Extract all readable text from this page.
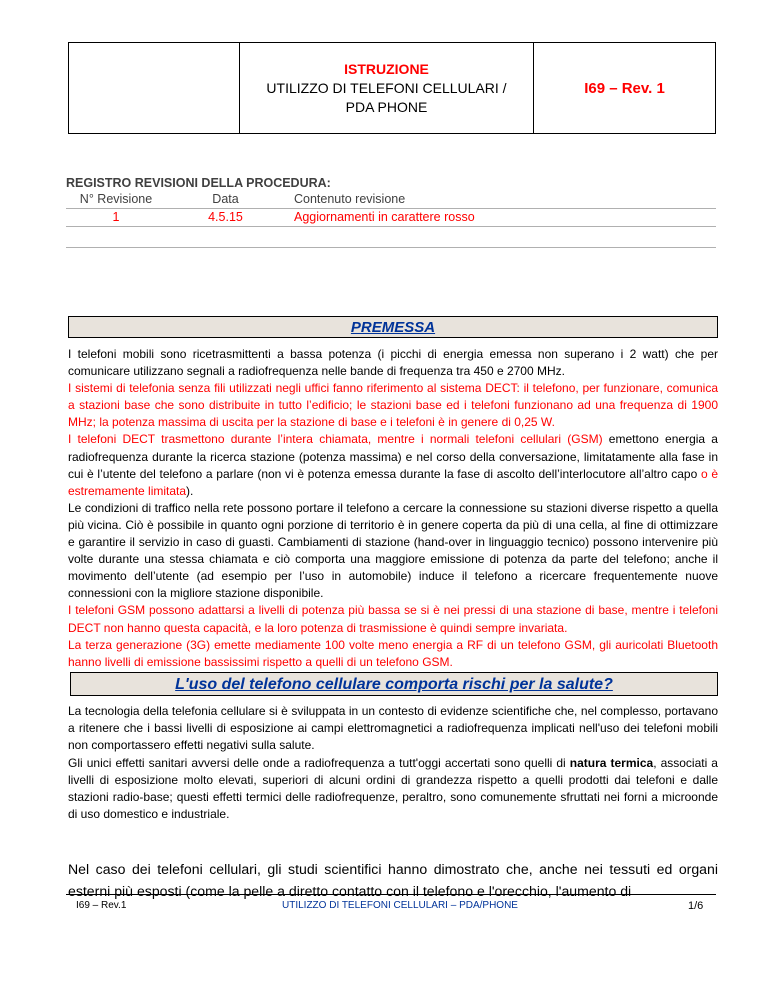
ISTRUZIONE
UTILIZZO DI TELEFONI CELLULARI /
PDA PHONE
I69 – Rev. 1
REGISTRO REVISIONI DELLA PROCEDURA:
N° Revisione	Data	Contenuto revisione
1	4.5.15	Aggiornamenti in carattere rosso
PREMESSA

I telefoni mobili sono ricetrasmittenti a bassa potenza (i picchi di energia emessa non superano i 2 watt) che per comunicare utilizzano segnali a radiofrequenza nelle bande di frequenza tra 450 e 2700 MHz.
I sistemi di telefonia senza fili utilizzati negli uffici fanno riferimento al sistema DECT: il telefono, per funzionare, comunica a stazioni base che sono distribuite in tutto l’edificio; le stazioni base ed i telefoni funzionano ad una frequenza di 1900 MHz; la potenza massima di uscita per la stazione di base e i telefoni è in genere di 0,25 W.
I telefoni DECT trasmettono durante l’intera chiamata, mentre i normali telefoni cellulari (GSM) emettono energia a radiofrequenza durante la ricerca stazione (potenza massima) e nel corso della conversazione, limitatamente alla fase in cui è l’utente del telefono a parlare (non vi è potenza emessa durante la fase di ascolto dell’interlocutore all’altro capo o è estremamente limitata).
Le condizioni di traffico nella rete possono portare il telefono a cercare la connessione su stazioni diverse rispetto a quella più vicina. Ciò è possibile in quanto ogni porzione di territorio è in genere coperta da più di una cella, al fine di ottimizzare e garantire il servizio in caso di guasti. Cambiamenti di stazione (hand-over in linguaggio tecnico) possono intervenire più volte durante una stessa chiamata e ciò comporta una maggiore emissione di potenza da parte del telefono; anche il movimento dell’utente (ad esempio per l’uso in automobile) induce il telefono a ricercare frequentemente nuove connessioni con la migliore stazione disponibile.
I telefoni GSM possono adattarsi a livelli di potenza più bassa se si è nei pressi di una stazione di base, mentre i telefoni DECT non hanno questa capacità, e la loro potenza di trasmissione è quindi sempre invariata.
La terza generazione (3G) emette mediamente 100 volte meno energia a RF di un telefono GSM, gli auricolati Bluetooth hanno livelli di emissione bassissimi rispetto a quelli di un telefono GSM.

L'uso del telefono cellulare comporta rischi per la salute?

La tecnologia della telefonia cellulare si è sviluppata in un contesto di evidenze scientifiche che, nel complesso, portavano a ritenere che i bassi livelli di esposizione ai campi elettromagnetici a radiofrequenza implicati nell'uso dei telefoni mobili non comportassero effetti negativi sulla salute.
Gli unici effetti sanitari avversi delle onde a radiofrequenza a tutt'oggi accertati sono quelli di natura termica, associati a livelli di esposizione molto elevati, superiori di alcuni ordini di grandezza rispetto a quelli prodotti dai telefoni e dalle stazioni radio-base; questi effetti termici delle radiofrequenze, peraltro, sono comunemente sfruttati nei forni a microonde di uso domestico e industriale.

Nel caso dei telefoni cellulari, gli studi scientifici hanno dimostrato che, anche nei tessuti ed organi esterni più esposti (come la pelle a diretto contatto con il telefono e l'orecchio, l'aumento di

I69 – Rev.1	UTILIZZO DI TELEFONI CELLULARI – PDA/PHONE	1/6
